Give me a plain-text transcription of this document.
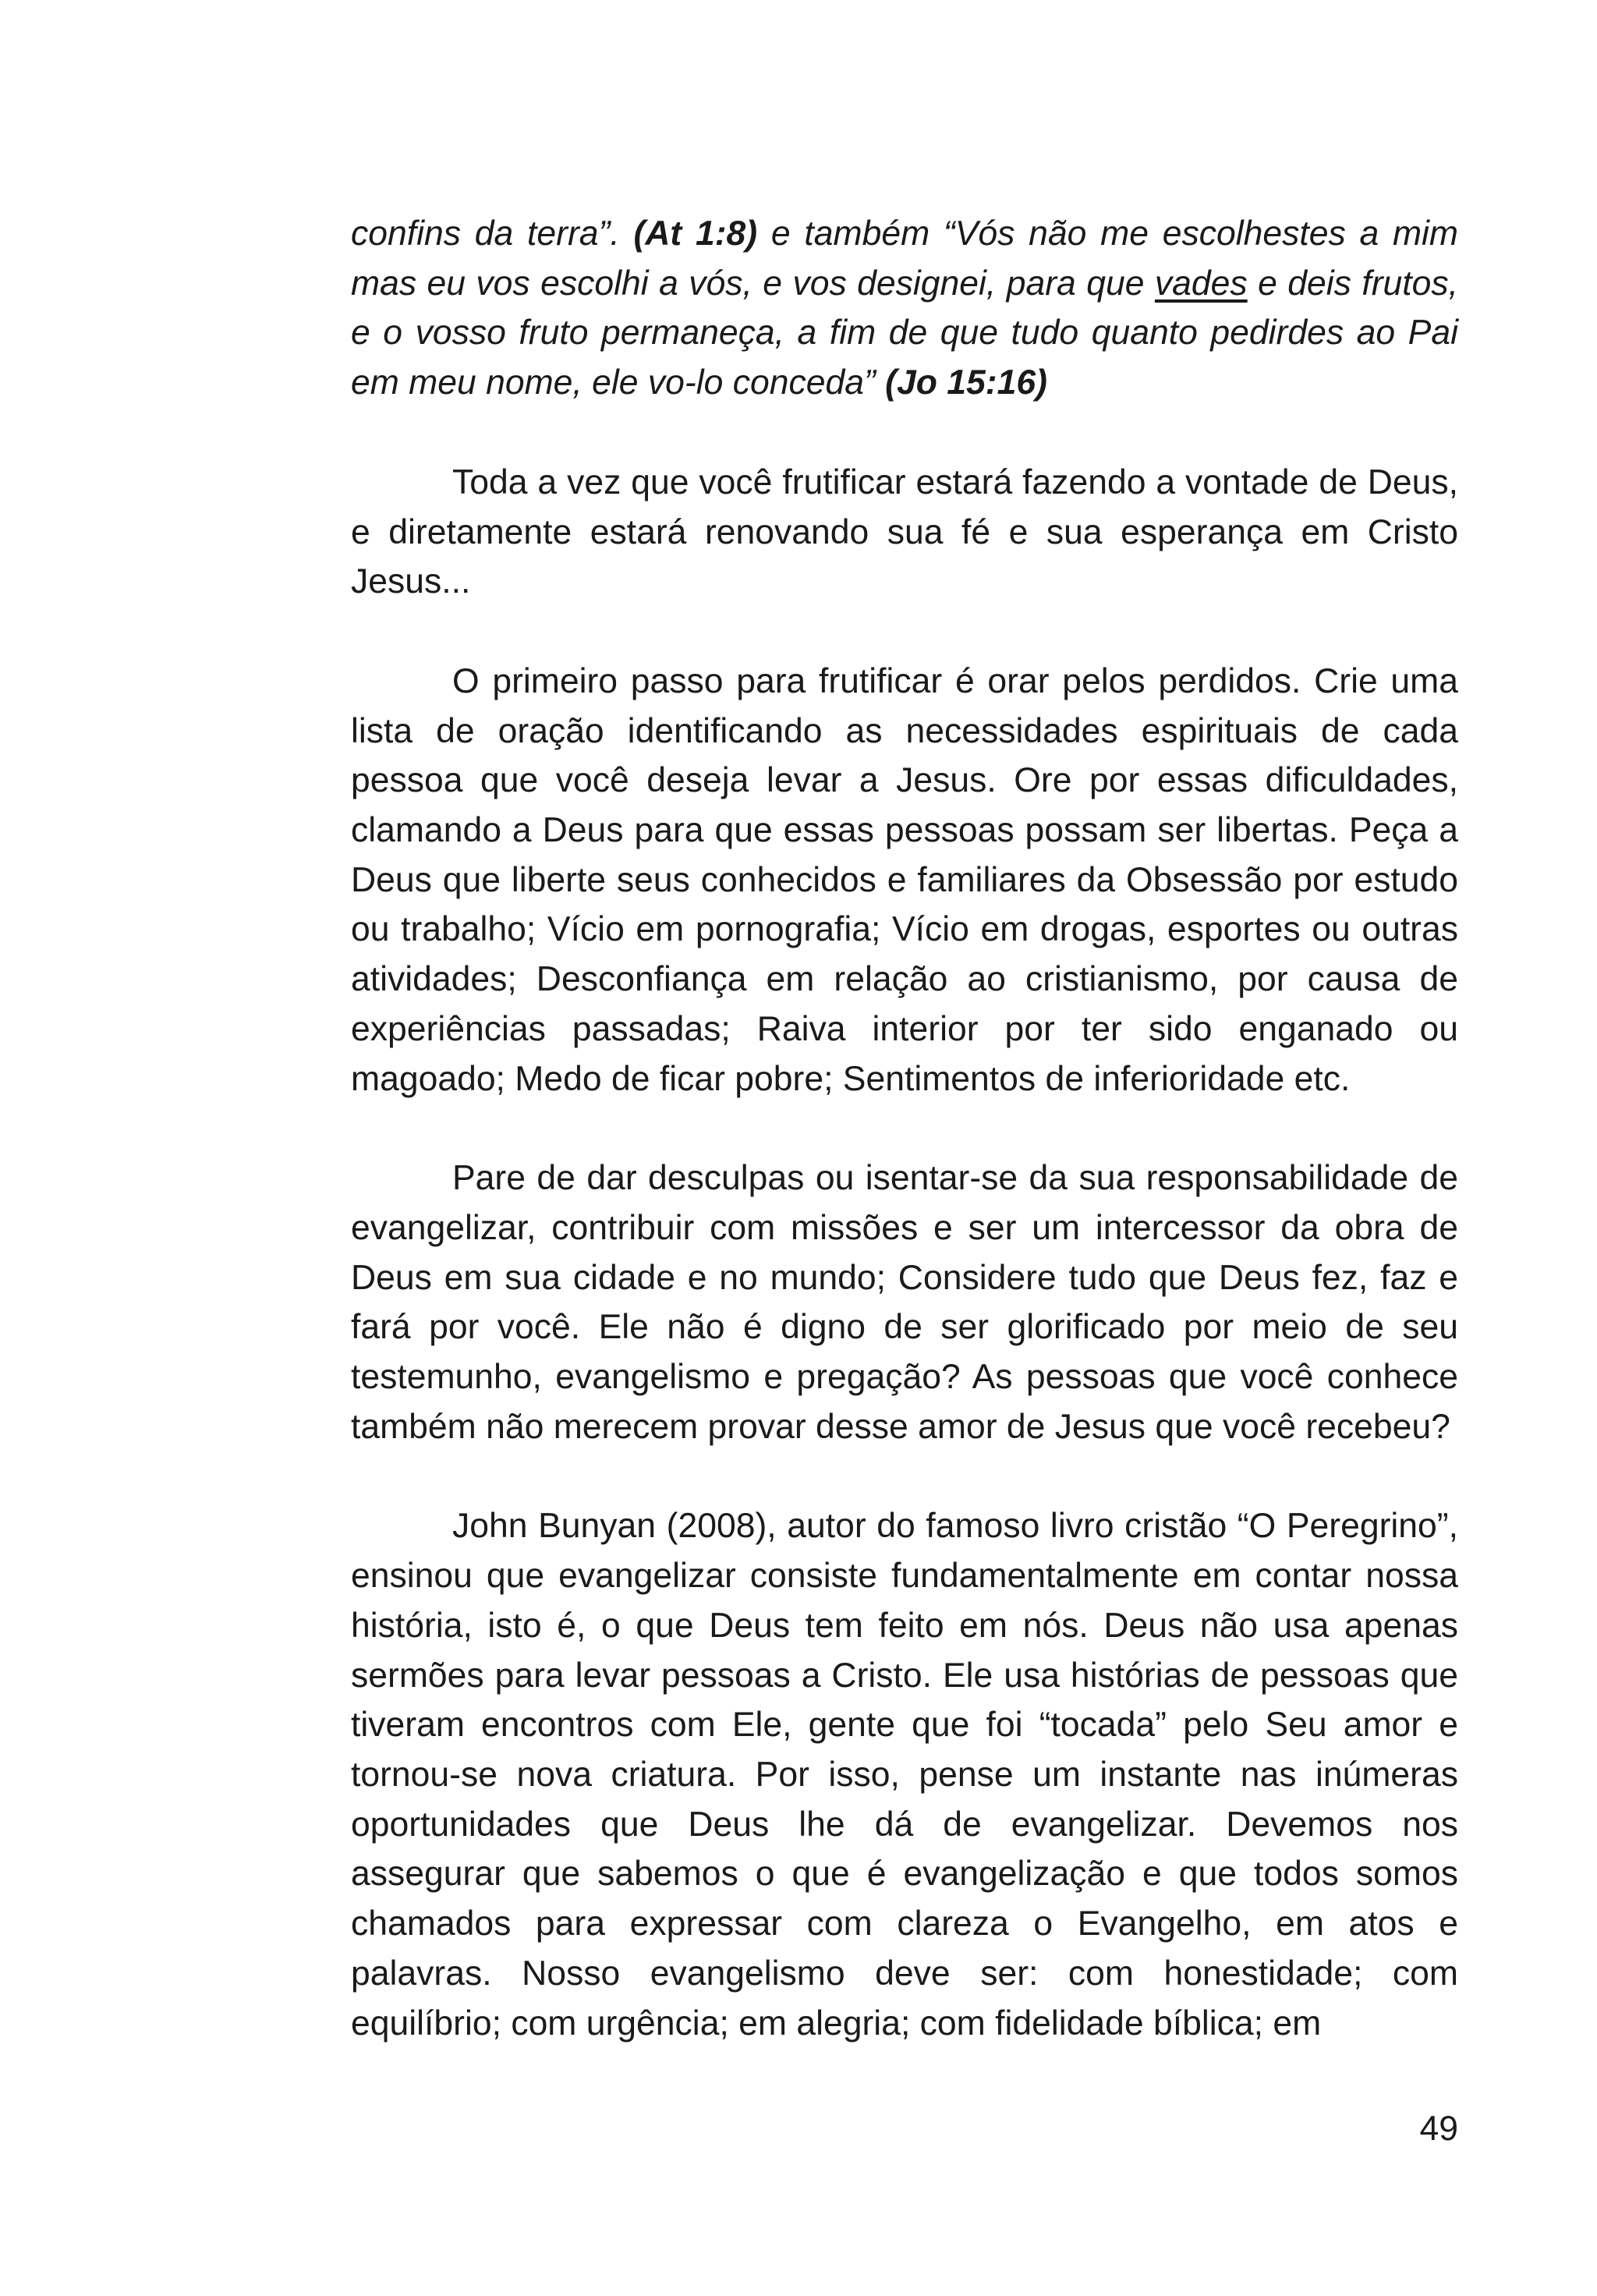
confins da terra”. (At 1:8) e também “Vós não me escolhestes a mim mas eu vos escolhi a vós, e vos designei, para que vades e deis frutos, e o vosso fruto permaneça, a fim de que tudo quanto pedirdes ao Pai em meu nome, ele vo-lo conceda” (Jo 15:16)

Toda a vez que você frutificar estará fazendo a vontade de Deus, e diretamente estará renovando sua fé e sua esperança em Cristo Jesus...

O primeiro passo para frutificar é orar pelos perdidos. Crie uma lista de oração identificando as necessidades espirituais de cada pessoa que você deseja levar a Jesus. Ore por essas dificuldades, clamando a Deus para que essas pessoas possam ser libertas. Peça a Deus que liberte seus conhecidos e familiares da Obsessão por estudo ou trabalho; Vício em pornografia; Vício em drogas, esportes ou outras atividades; Desconfiança em relação ao cristianismo, por causa de experiências passadas; Raiva interior por ter sido enganado ou magoado; Medo de ficar pobre; Sentimentos de inferioridade etc.

Pare de dar desculpas ou isentar-se da sua responsabilidade de evangelizar, contribuir com missões e ser um intercessor da obra de Deus em sua cidade e no mundo; Considere tudo que Deus fez, faz e fará por você. Ele não é digno de ser glorificado por meio de seu testemunho, evangelismo e pregação? As pessoas que você conhece também não merecem provar desse amor de Jesus que você recebeu?

John Bunyan (2008), autor do famoso livro cristão “O Peregrino”, ensinou que evangelizar consiste fundamentalmente em contar nossa história, isto é, o que Deus tem feito em nós. Deus não usa apenas sermões para levar pessoas a Cristo. Ele usa histórias de pessoas que tiveram encontros com Ele, gente que foi “tocada” pelo Seu amor e tornou-se nova criatura. Por isso, pense um instante nas inúmeras oportunidades que Deus lhe dá de evangelizar. Devemos nos assegurar que sabemos o que é evangelização e que todos somos chamados para expressar com clareza o Evangelho, em atos e palavras. Nosso evangelismo deve ser: com honestidade; com equilíbrio; com urgência; em alegria; com fidelidade bíblica; em

49
